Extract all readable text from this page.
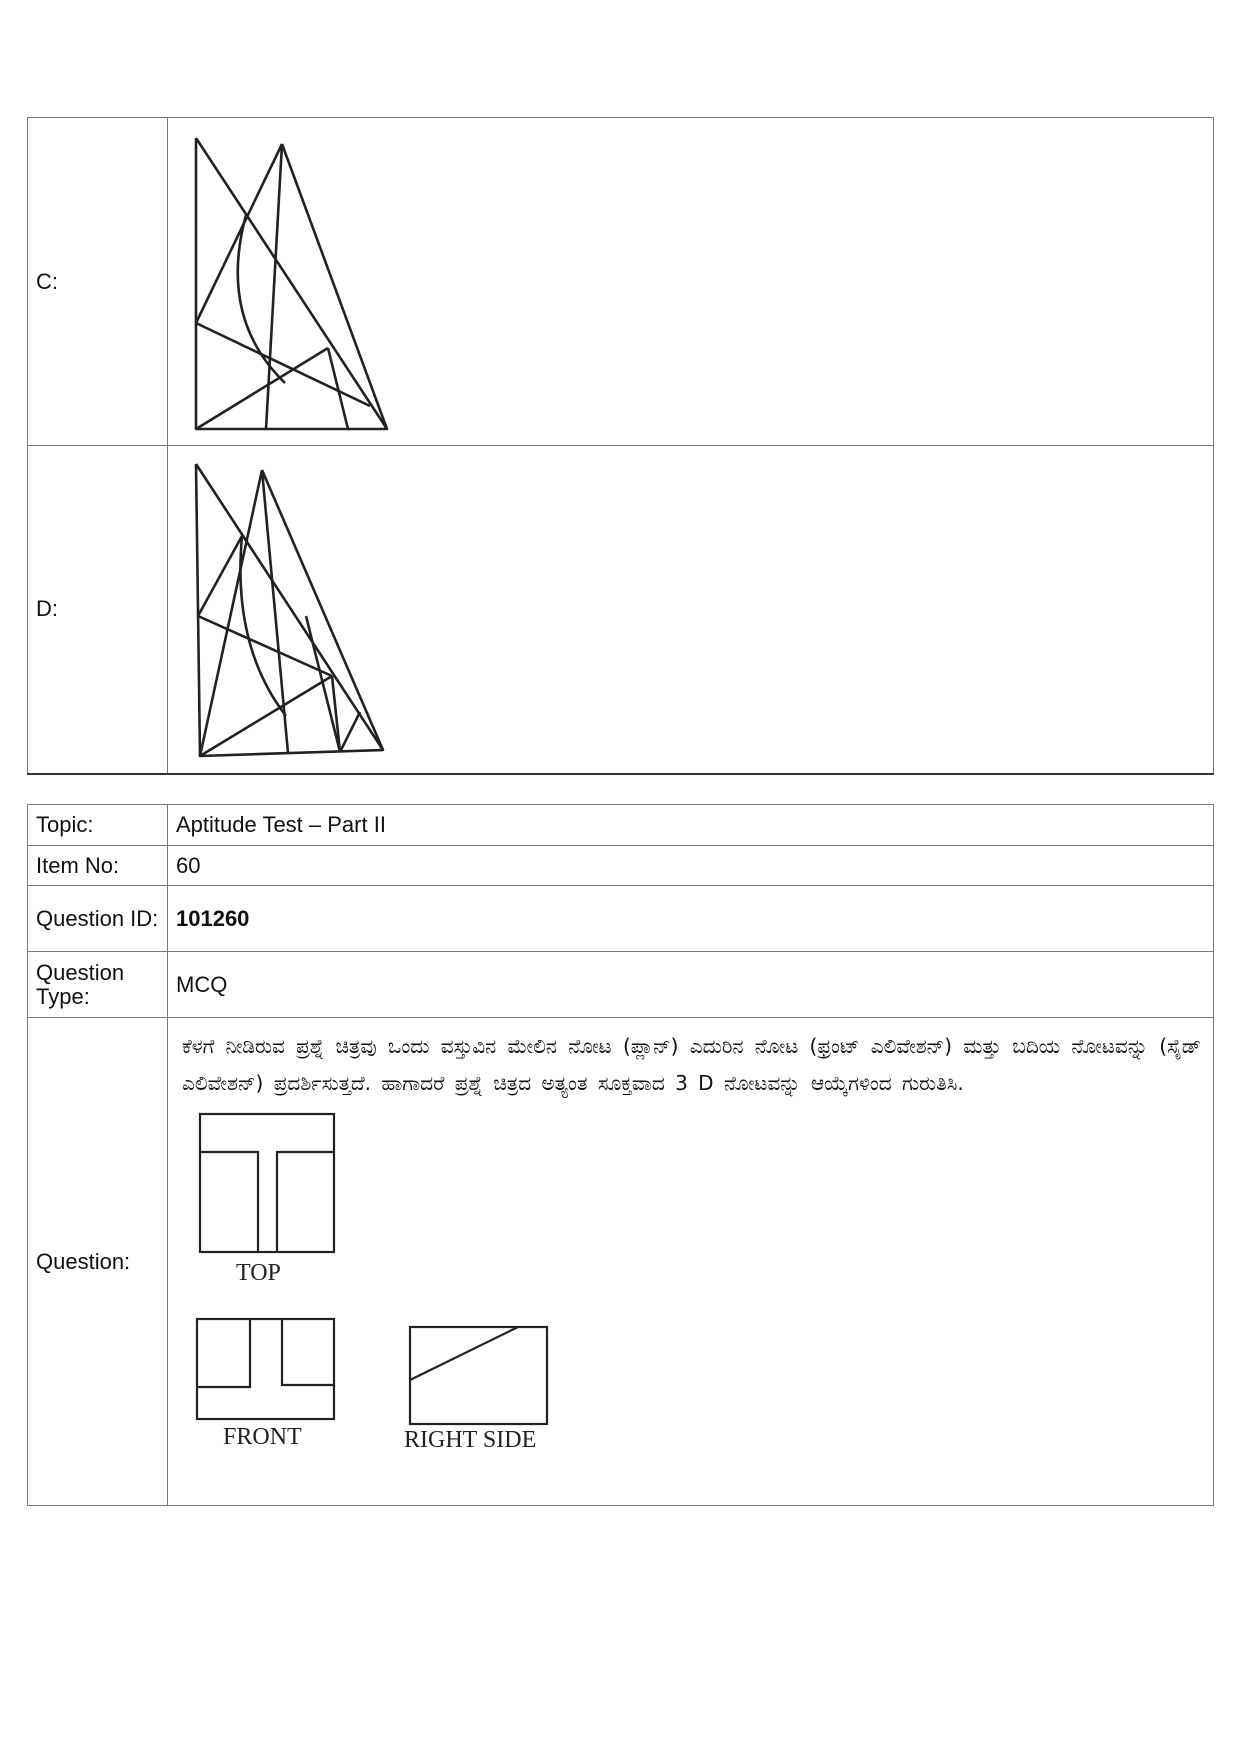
C:	

D:	
Topic:	Aptitude Test – Part II
Item No:	60
Question ID:	101260
Question Type:	MCQ
Question:	ಕೆಳಗೆ ನೀಡಿರುವ ಪ್ರಶ್ನೆ ಚಿತ್ರವು ಒಂದು ವಸ್ತುವಿನ ಮೇಲಿನ ನೋಟ (ಪ್ಲಾನ್) ಎದುರಿನ ನೋಟ (ಫ್ರಂಟ್ ಎಲಿವೇಶನ್) ಮತ್ತು ಬದಿಯ ನೋಟವನ್ನು (ಸೈಡ್ ಎಲಿವೇಶನ್) ಪ್ರದರ್ಶಿಸುತ್ತದೆ. ಹಾಗಾದರೆ ಪ್ರಶ್ನೆ ಚಿತ್ರದ ಅತ್ಯಂತ ಸೂಕ್ತವಾದ 3 D ನೋಟವನ್ನು ಆಯ್ಕೆಗಳಿಂದ ಗುರುತಿಸಿ.
TOP
FRONT RIGHT SIDE
